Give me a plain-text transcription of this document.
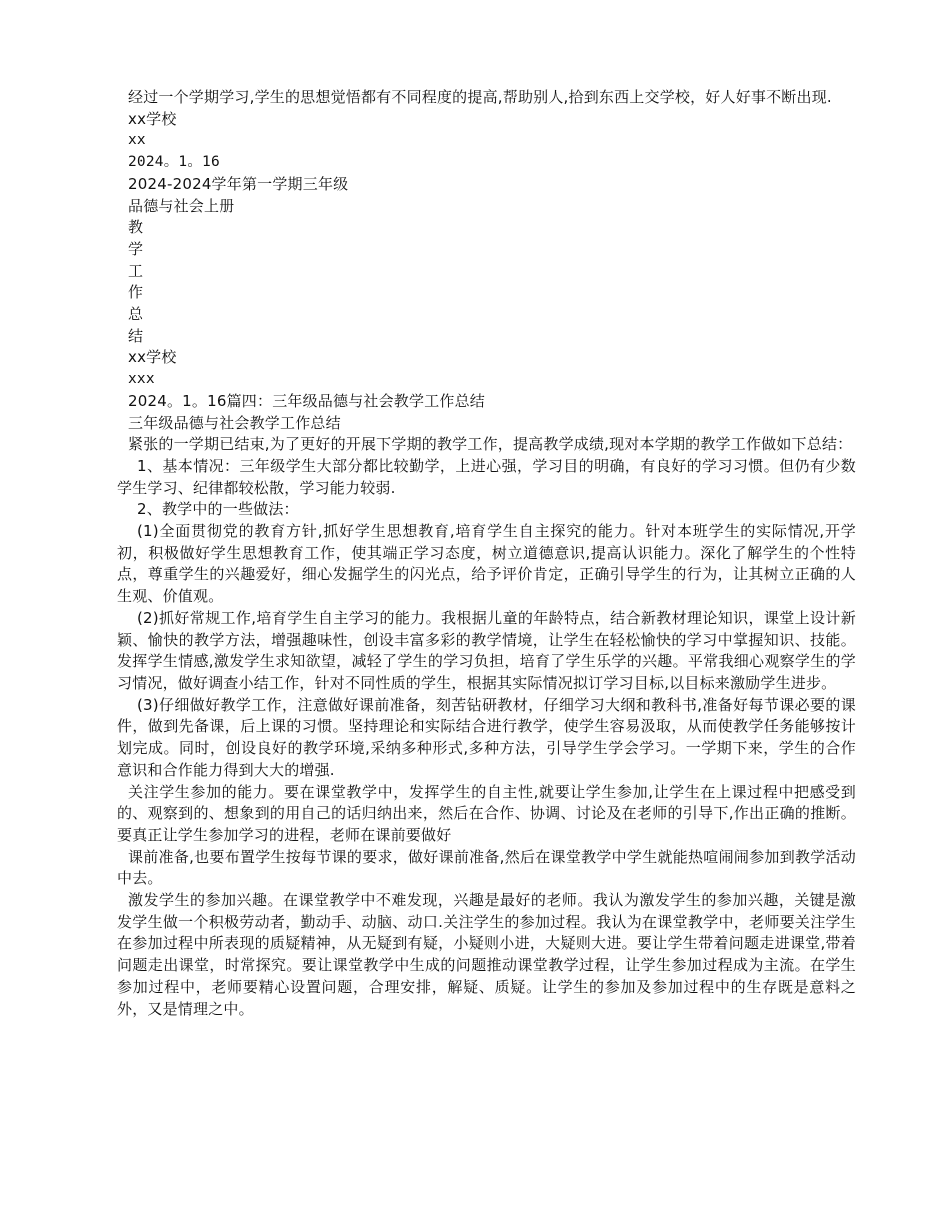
经过一个学期学习,学生的思想觉悟都有不同程度的提高,帮助别人,拾到东西上交学校，好人好事不断出现.

xx学校

xx

2024。1。16

2024-2024学年第一学期三年级

品德与社会上册

教

学

工

作

总

结

xx学校

xxx

2024。1。16篇四：三年级品德与社会教学工作总结

三年级品德与社会教学工作总结

紧张的一学期已结束,为了更好的开展下学期的教学工作，提高教学成绩,现对本学期的教学工作做如下总结：

1、基本情况：三年级学生大部分都比较勤学，上进心强，学习目的明确，有良好的学习习惯。但仍有少数学生学习、纪律都较松散，学习能力较弱.

2、教学中的一些做法：

(1)全面贯彻党的教育方针,抓好学生思想教育,培育学生自主探究的能力。针对本班学生的实际情况,开学初，积极做好学生思想教育工作，使其端正学习态度，树立道德意识,提高认识能力。深化了解学生的个性特点，尊重学生的兴趣爱好，细心发掘学生的闪光点，给予评价肯定，正确引导学生的行为，让其树立正确的人生观、价值观。

(2)抓好常规工作,培育学生自主学习的能力。我根据儿童的年龄特点，结合新教材理论知识，课堂上设计新颖、愉快的教学方法，增强趣味性，创设丰富多彩的教学情境，让学生在轻松愉快的学习中掌握知识、技能。发挥学生情感,激发学生求知欲望，减轻了学生的学习负担，培育了学生乐学的兴趣。平常我细心观察学生的学习情况，做好调查小结工作，针对不同性质的学生，根据其实际情况拟订学习目标,以目标来激励学生进步。

(3)仔细做好教学工作，注意做好课前准备，刻苦钻研教材，仔细学习大纲和教科书,准备好每节课必要的课件，做到先备课，后上课的习惯。坚持理论和实际结合进行教学，使学生容易汲取，从而使教学任务能够按计划完成。同时，创设良好的教学环境,采纳多种形式,多种方法，引导学生学会学习。一学期下来，学生的合作意识和合作能力得到大大的增强.

关注学生参加的能力。要在课堂教学中，发挥学生的自主性,就要让学生参加,让学生在上课过程中把感受到的、观察到的、想象到的用自己的话归纳出来，然后在合作、协调、讨论及在老师的引导下,作出正确的推断。要真正让学生参加学习的进程，老师在课前要做好

课前准备,也要布置学生按每节课的要求，做好课前准备,然后在课堂教学中学生就能热喧闹闹参加到教学活动中去。

激发学生的参加兴趣。在课堂教学中不难发现，兴趣是最好的老师。我认为激发学生的参加兴趣，关键是激发学生做一个积极劳动者，勤动手、动脑、动口.关注学生的参加过程。我认为在课堂教学中，老师要关注学生在参加过程中所表现的质疑精神，从无疑到有疑，小疑则小进，大疑则大进。要让学生带着问题走进课堂,带着问题走出课堂，时常探究。要让课堂教学中生成的问题推动课堂教学过程，让学生参加过程成为主流。在学生参加过程中，老师要精心设置问题，合理安排，解疑、质疑。让学生的参加及参加过程中的生存既是意料之外，又是情理之中。
